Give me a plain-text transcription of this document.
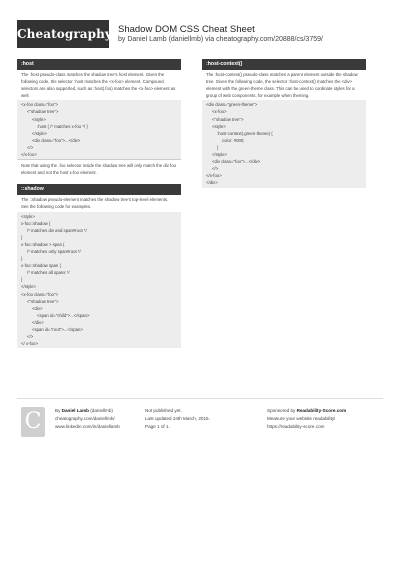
Cheatography Shadow DOM CSS Cheat Sheet
by Daniel Lamb (daniellmb) via cheatography.com/20888/cs/3759/
:host
The :host pseudo-class matches the shadow tree's host element. Given the following code, the selector :host matches the <x-foo> element. Compound selectors are also supported, such as :host(.foo) matches the <x-foo> element as well.
<x-foo class="foo">
<"shadow tree">
<style>
:host { /* matches x-foo */ }
</style>
<div class="foo">...</div>
</>
</x-foo>
Note that using the .foo selector inside the shadow tree will only match the div foo element and not the host x-foo element.
::shadow
The ::shadow pseudo-element matches the shadow tree's top-level elements. See the following code for examples.
<style>
x-foo::shadow {
/* matches div and span#root */
}
x-foo::shadow > span {
/* matches only span#root */
}
x-foo::shadow span {
/* matches all spans */
}
</style>
<x-foo class="foo">
<"shadow tree">
<div>
<span id="child">...</span>
</div>
<span id="root">...</span>
</>
</ x-foo>
:host-context()
The :host-context() pseudo-class matches a parent element outside the shadow tree. Given the following code, the selector :host-context() matches the <div> element with the green-theme class. This can be used to cordinate styles for a group of web components, for example when theming.
<div class="green-theme">
<x-foo>
<"shadow tree">
<style>
:host-context(.green-theme) {
color: #000;
}
</style>
<div class="foo">...</div>
</>
</x-foo>
</div>
C	By Daniel Lamb (daniellmb)
cheatography.com/daniellmb/
www.linkedin.com/in/daniellamb
Not published yet.
Last updated 24th March, 2015.
Page 1 of 1.
Sponsored by Readability-Score.com
Measure your website readability!
https://readability-score.com
